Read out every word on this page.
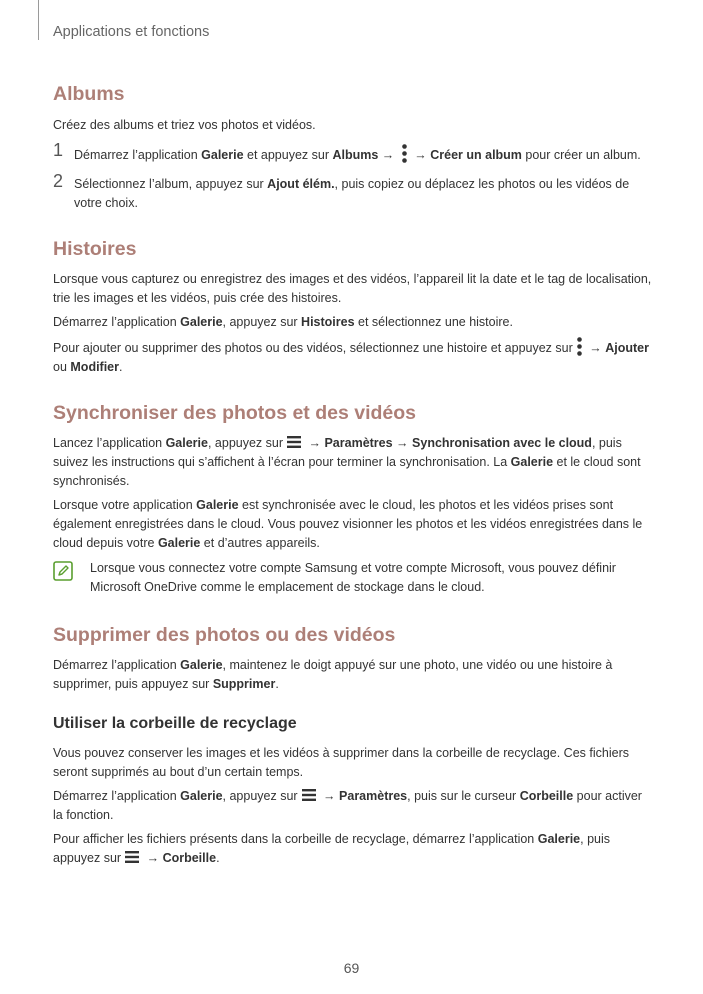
Applications et fonctions
Albums

Créez des albums et triez vos photos et vidéos.

1 Démarrez l’application Galerie et appuyez sur Albums →
→ Créer un album pour créer un album.

2 Sélectionnez l’album, appuyez sur Ajout élém., puis copiez ou déplacez les photos ou les vidéos de votre choix.

Histoires

Lorsque vous capturez ou enregistrez des images et des vidéos, l’appareil lit la date et le tag de localisation, trie les images et les vidéos, puis crée des histoires.

Démarrez l’application Galerie, appuyez sur Histoires et sélectionnez une histoire.

Pour ajouter ou supprimer des photos ou des vidéos, sélectionnez une histoire et appuyez sur
→ Ajouter ou Modifier.

Synchroniser des photos et des vidéos

Lancez l’application Galerie, appuyez sur
→ Paramètres → Synchronisation avec le cloud, puis suivez les instructions qui s’affichent à l’écran pour terminer la synchronisation. La Galerie et le cloud sont synchronisés.

Lorsque votre application Galerie est synchronisée avec le cloud, les photos et les vidéos prises sont également enregistrées dans le cloud. Vous pouvez visionner les photos et les vidéos enregistrées dans le cloud depuis votre Galerie et d’autres appareils.

Lorsque vous connectez votre compte Samsung et votre compte Microsoft, vous pouvez définir Microsoft OneDrive comme le emplacement de stockage dans le cloud.

Supprimer des photos ou des vidéos

Démarrez l’application Galerie, maintenez le doigt appuyé sur une photo, une vidéo ou une histoire à supprimer, puis appuyez sur Supprimer.

Utiliser la corbeille de recyclage

Vous pouvez conserver les images et les vidéos à supprimer dans la corbeille de recyclage. Ces fichiers seront supprimés au bout d’un certain temps.

Démarrez l’application Galerie, appuyez sur
→ Paramètres, puis sur le curseur Corbeille pour activer la fonction.

Pour afficher les fichiers présents dans la corbeille de recyclage, démarrez l’application Galerie, puis appuyez sur
→ Corbeille.

69
